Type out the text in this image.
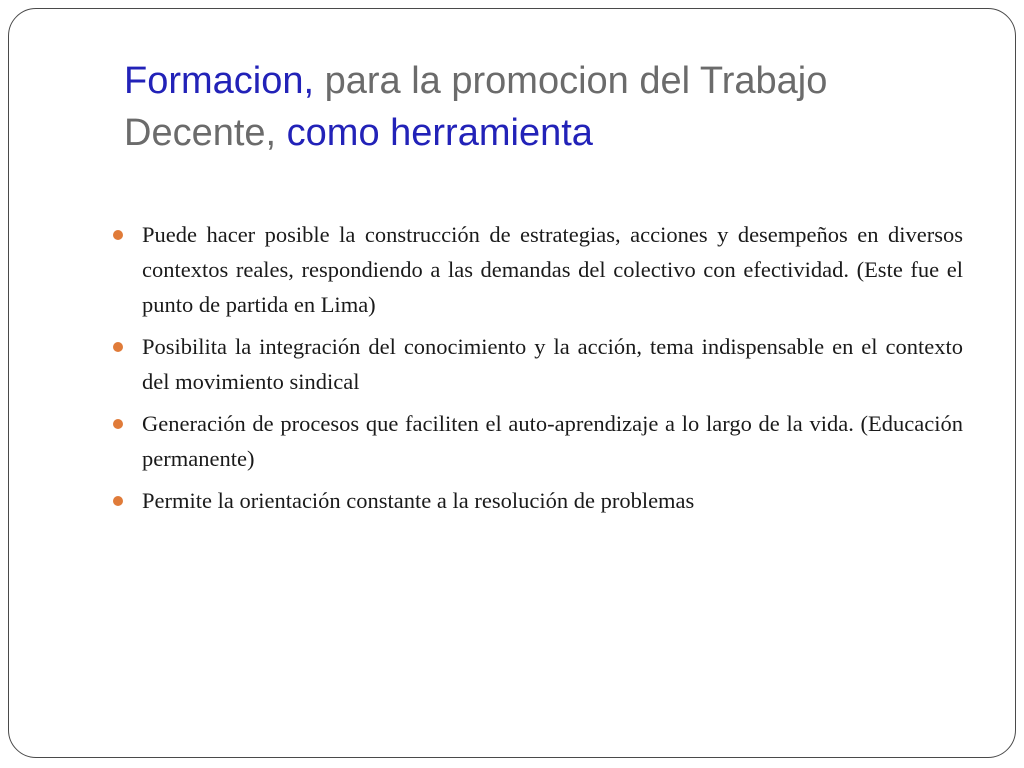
Formacion, para la promocion del Trabajo Decente, como herramienta
Puede hacer posible la construcción de estrategias, acciones y desempeños en diversos contextos reales, respondiendo a las demandas del colectivo con efectividad. (Este fue el punto de partida en Lima)
Posibilita la integración del conocimiento y la acción, tema indispensable en el contexto del movimiento sindical
Generación de procesos que faciliten el auto-aprendizaje a lo largo de la vida. (Educación permanente)
Permite la orientación constante a la resolución de problemas
